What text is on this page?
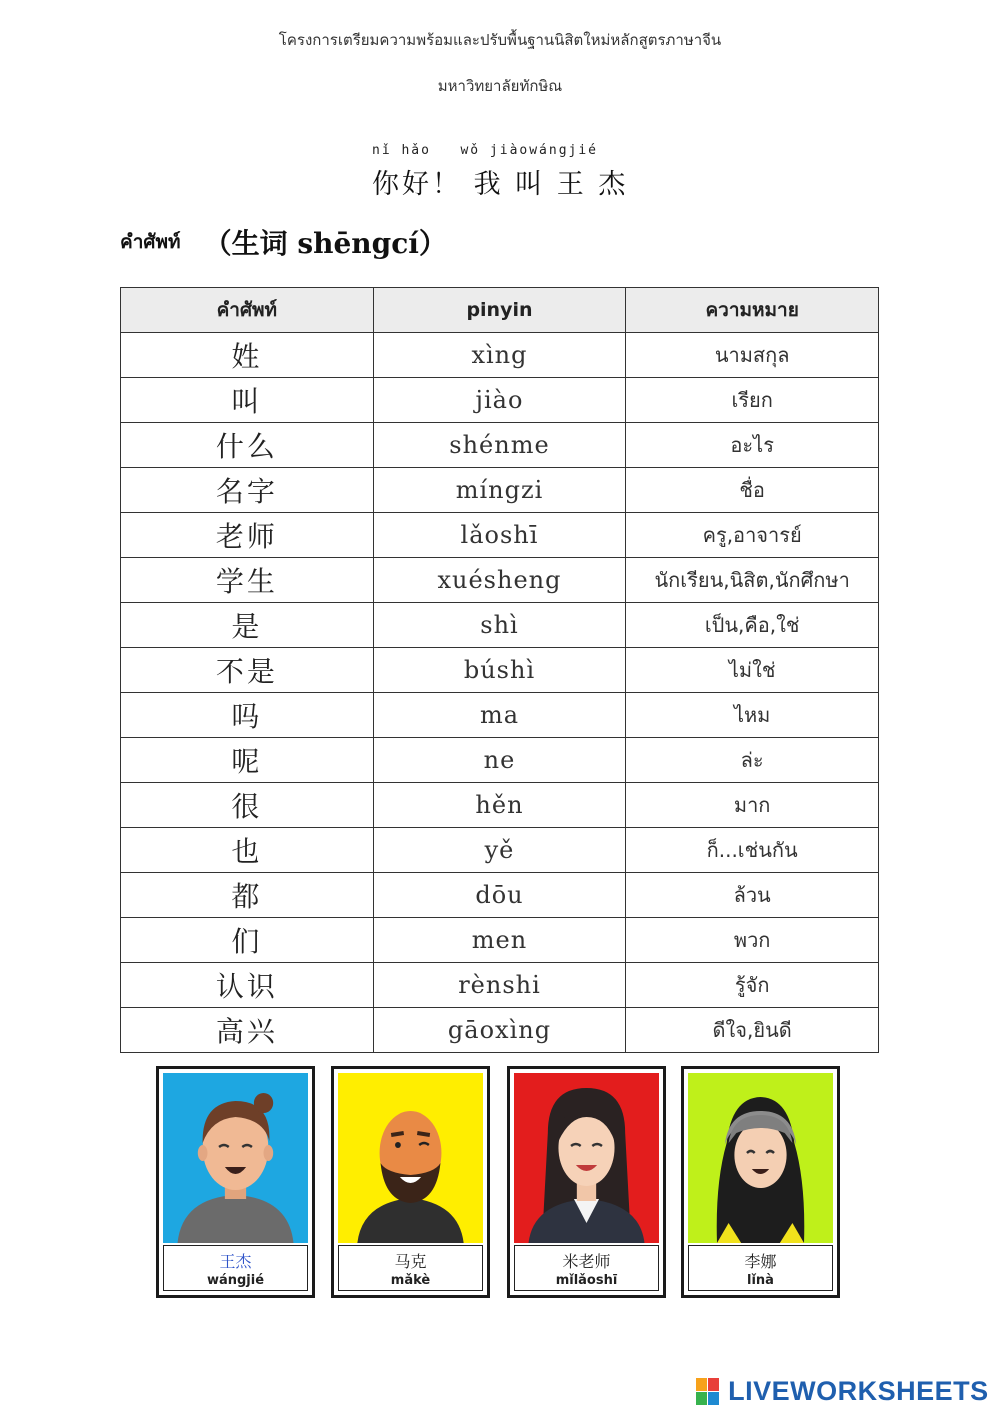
โครงการเตรียมความพร้อมและปรับพื้นฐานนิสิตใหม่หลักสูตรภาษาจีน
มหาวิทยาลัยทักษิณ
nǐ hǎo   wǒ jiàowángjié
你好！ 我 叫 王 杰
คำศัพท์ （生词 shēngcí）
คำศัพท์	pinyin	ความหมาย
姓	xìng	นามสกุล
叫	jiào	เรียก
什么	shénme	อะไร
名字	míngzi	ชื่อ
老师	lǎoshī	ครู,อาจารย์
学生	xuésheng	นักเรียน,นิสิต,นักศึกษา
是	shì	เป็น,คือ,ใช่
不是	búshì	ไม่ใช่
吗	ma	ไหม
呢	ne	ล่ะ
很	hěn	มาก
也	yě	ก็...เช่นกัน
都	dōu	ล้วน
们	men	พวก
认识	rènshi	รู้จัก
高兴	gāoxìng	ดีใจ,ยินดี
王杰
wángjié
马克
mǎkè
米老师
mǐlǎoshī
李娜
lǐnà
LIVEWORKSHEETS
